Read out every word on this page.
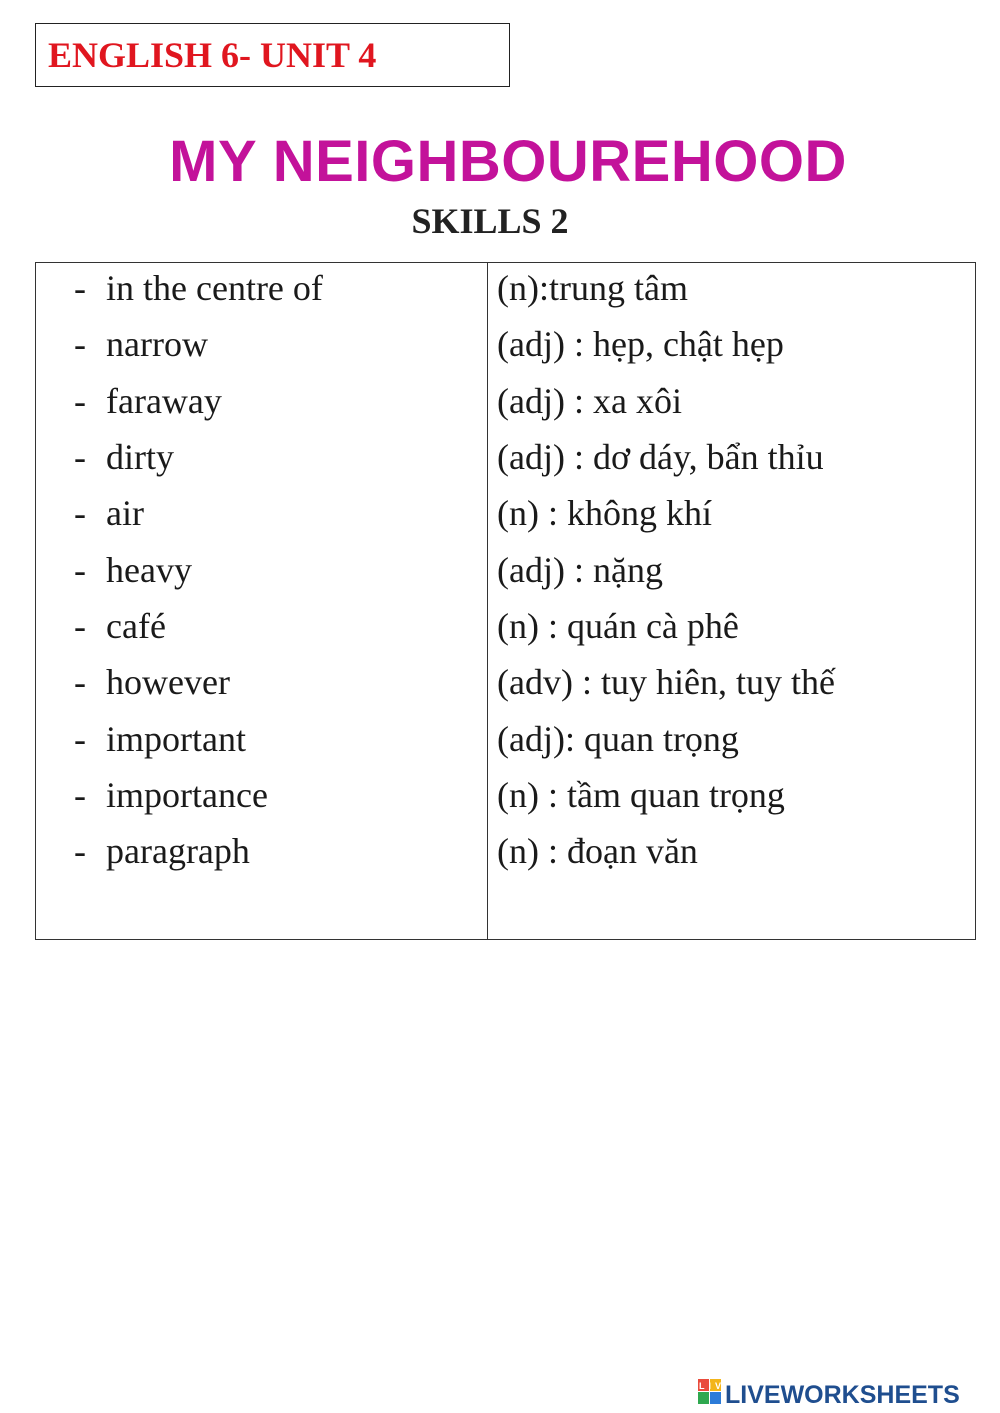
ENGLISH 6- UNIT 4
MY NEIGHBOUREHOOD
SKILLS 2
- in the centre of
- narrow
- faraway
- dirty
- air
- heavy
- café
- however
- important
- importance
- paragraph
(n):trung tâm
(adj) : hẹp, chật hẹp
(adj) : xa xôi
(adj) : dơ dáy, bẩn thỉu
(n) : không khí
(adj) : nặng
(n) : quán cà phê
(adv) : tuy hiên, tuy thế
(adj): quan trọng
(n) : tầm quan trọng
(n) : đoạn văn
LIVE
LIVEWORKSHEETS
